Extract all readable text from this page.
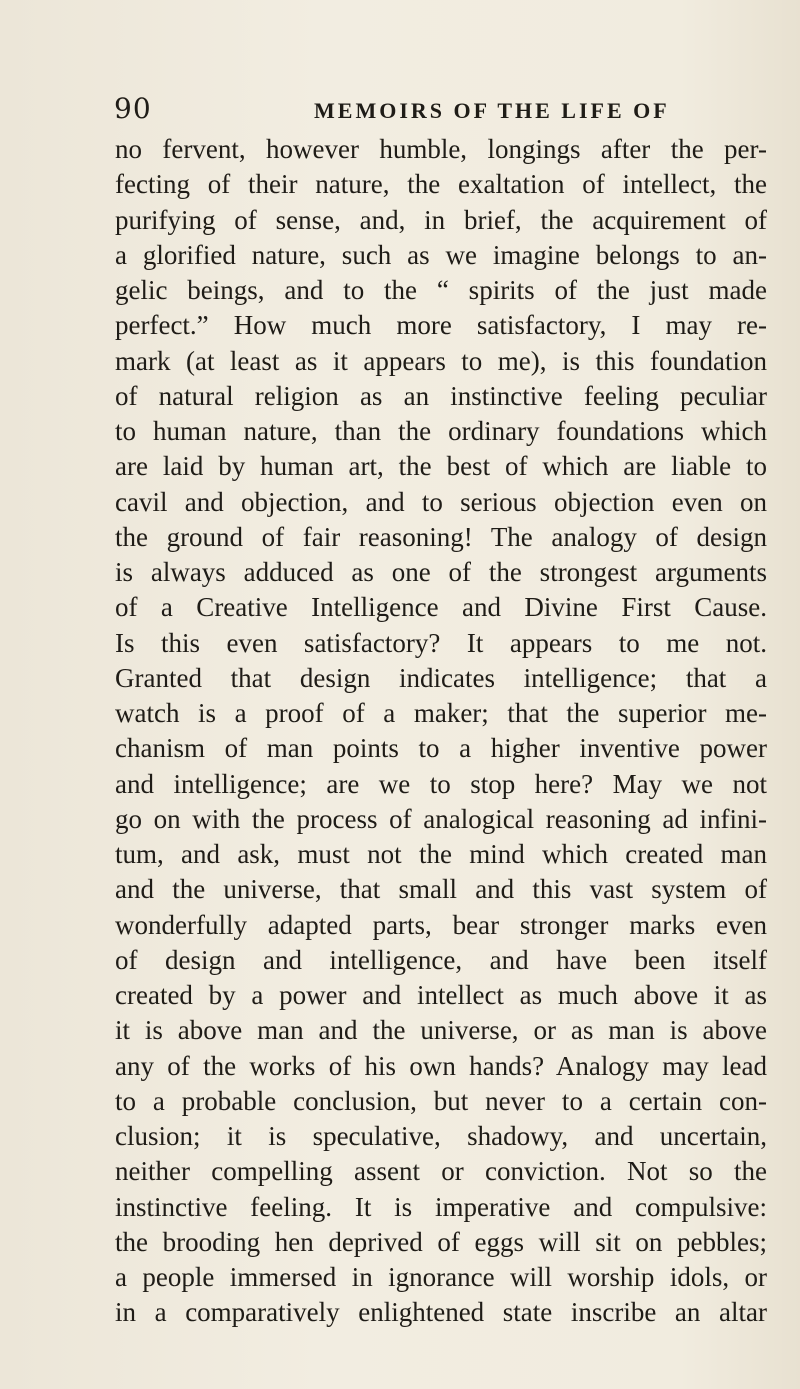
90	MEMOIRS OF THE LIFE OF
no fervent, however humble, longings after the per-
fecting of their nature, the exaltation of intellect, the
purifying of sense, and, in brief, the acquirement of
a glorified nature, such as we imagine belongs to an-
gelic beings, and to the “ spirits of the just made
perfect.” How much more satisfactory, I may re-
mark (at least as it appears to me), is this foundation
of natural religion as an instinctive feeling peculiar
to human nature, than the ordinary foundations which
are laid by human art, the best of which are liable to
cavil and objection, and to serious objection even on
the ground of fair reasoning! The analogy of design
is always adduced as one of the strongest arguments
of a Creative Intelligence and Divine First Cause.
Is this even satisfactory? It appears to me not.
Granted that design indicates intelligence; that a
watch is a proof of a maker; that the superior me-
chanism of man points to a higher inventive power
and intelligence; are we to stop here? May we not
go on with the process of analogical reasoning ad infini-
tum, and ask, must not the mind which created man
and the universe, that small and this vast system of
wonderfully adapted parts, bear stronger marks even
of design and intelligence, and have been itself
created by a power and intellect as much above it as
it is above man and the universe, or as man is above
any of the works of his own hands? Analogy may lead
to a probable conclusion, but never to a certain con-
clusion; it is speculative, shadowy, and uncertain,
neither compelling assent or conviction. Not so the
instinctive feeling. It is imperative and compulsive:
the brooding hen deprived of eggs will sit on pebbles;
a people immersed in ignorance will worship idols, or
in a comparatively enlightened state inscribe an altar
